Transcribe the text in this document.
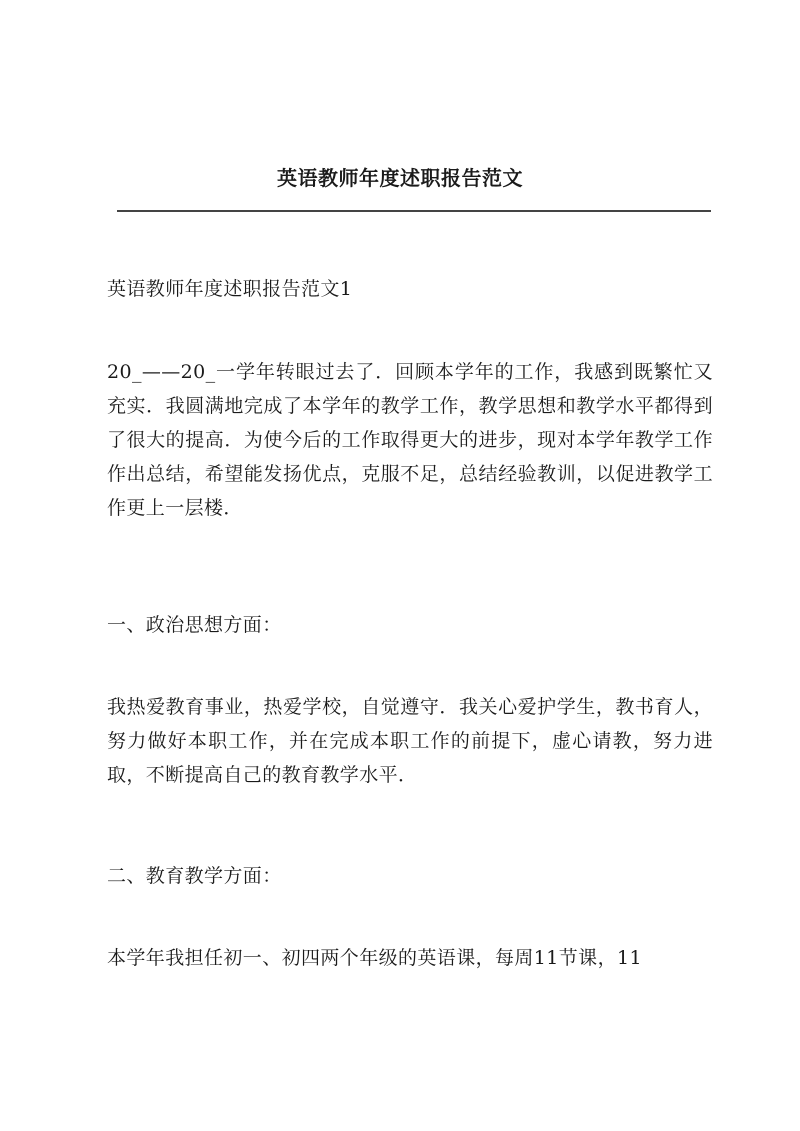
英语教师年度述职报告范文
英语教师年度述职报告范文1
20_——20_一学年转眼过去了．回顾本学年的工作，我感到既繁忙又充实．我圆满地完成了本学年的教学工作，教学思想和教学水平都得到了很大的提高．为使今后的工作取得更大的进步，现对本学年教学工作作出总结，希望能发扬优点，克服不足，总结经验教训，以促进教学工作更上一层楼．
一、政治思想方面：
我热爱教育事业，热爱学校，自觉遵守．我关心爱护学生，教书育人，努力做好本职工作，并在完成本职工作的前提下，虚心请教，努力进取，不断提高自己的教育教学水平．
二、教育教学方面：
本学年我担任初一、初四两个年级的英语课，每周11节课，11
